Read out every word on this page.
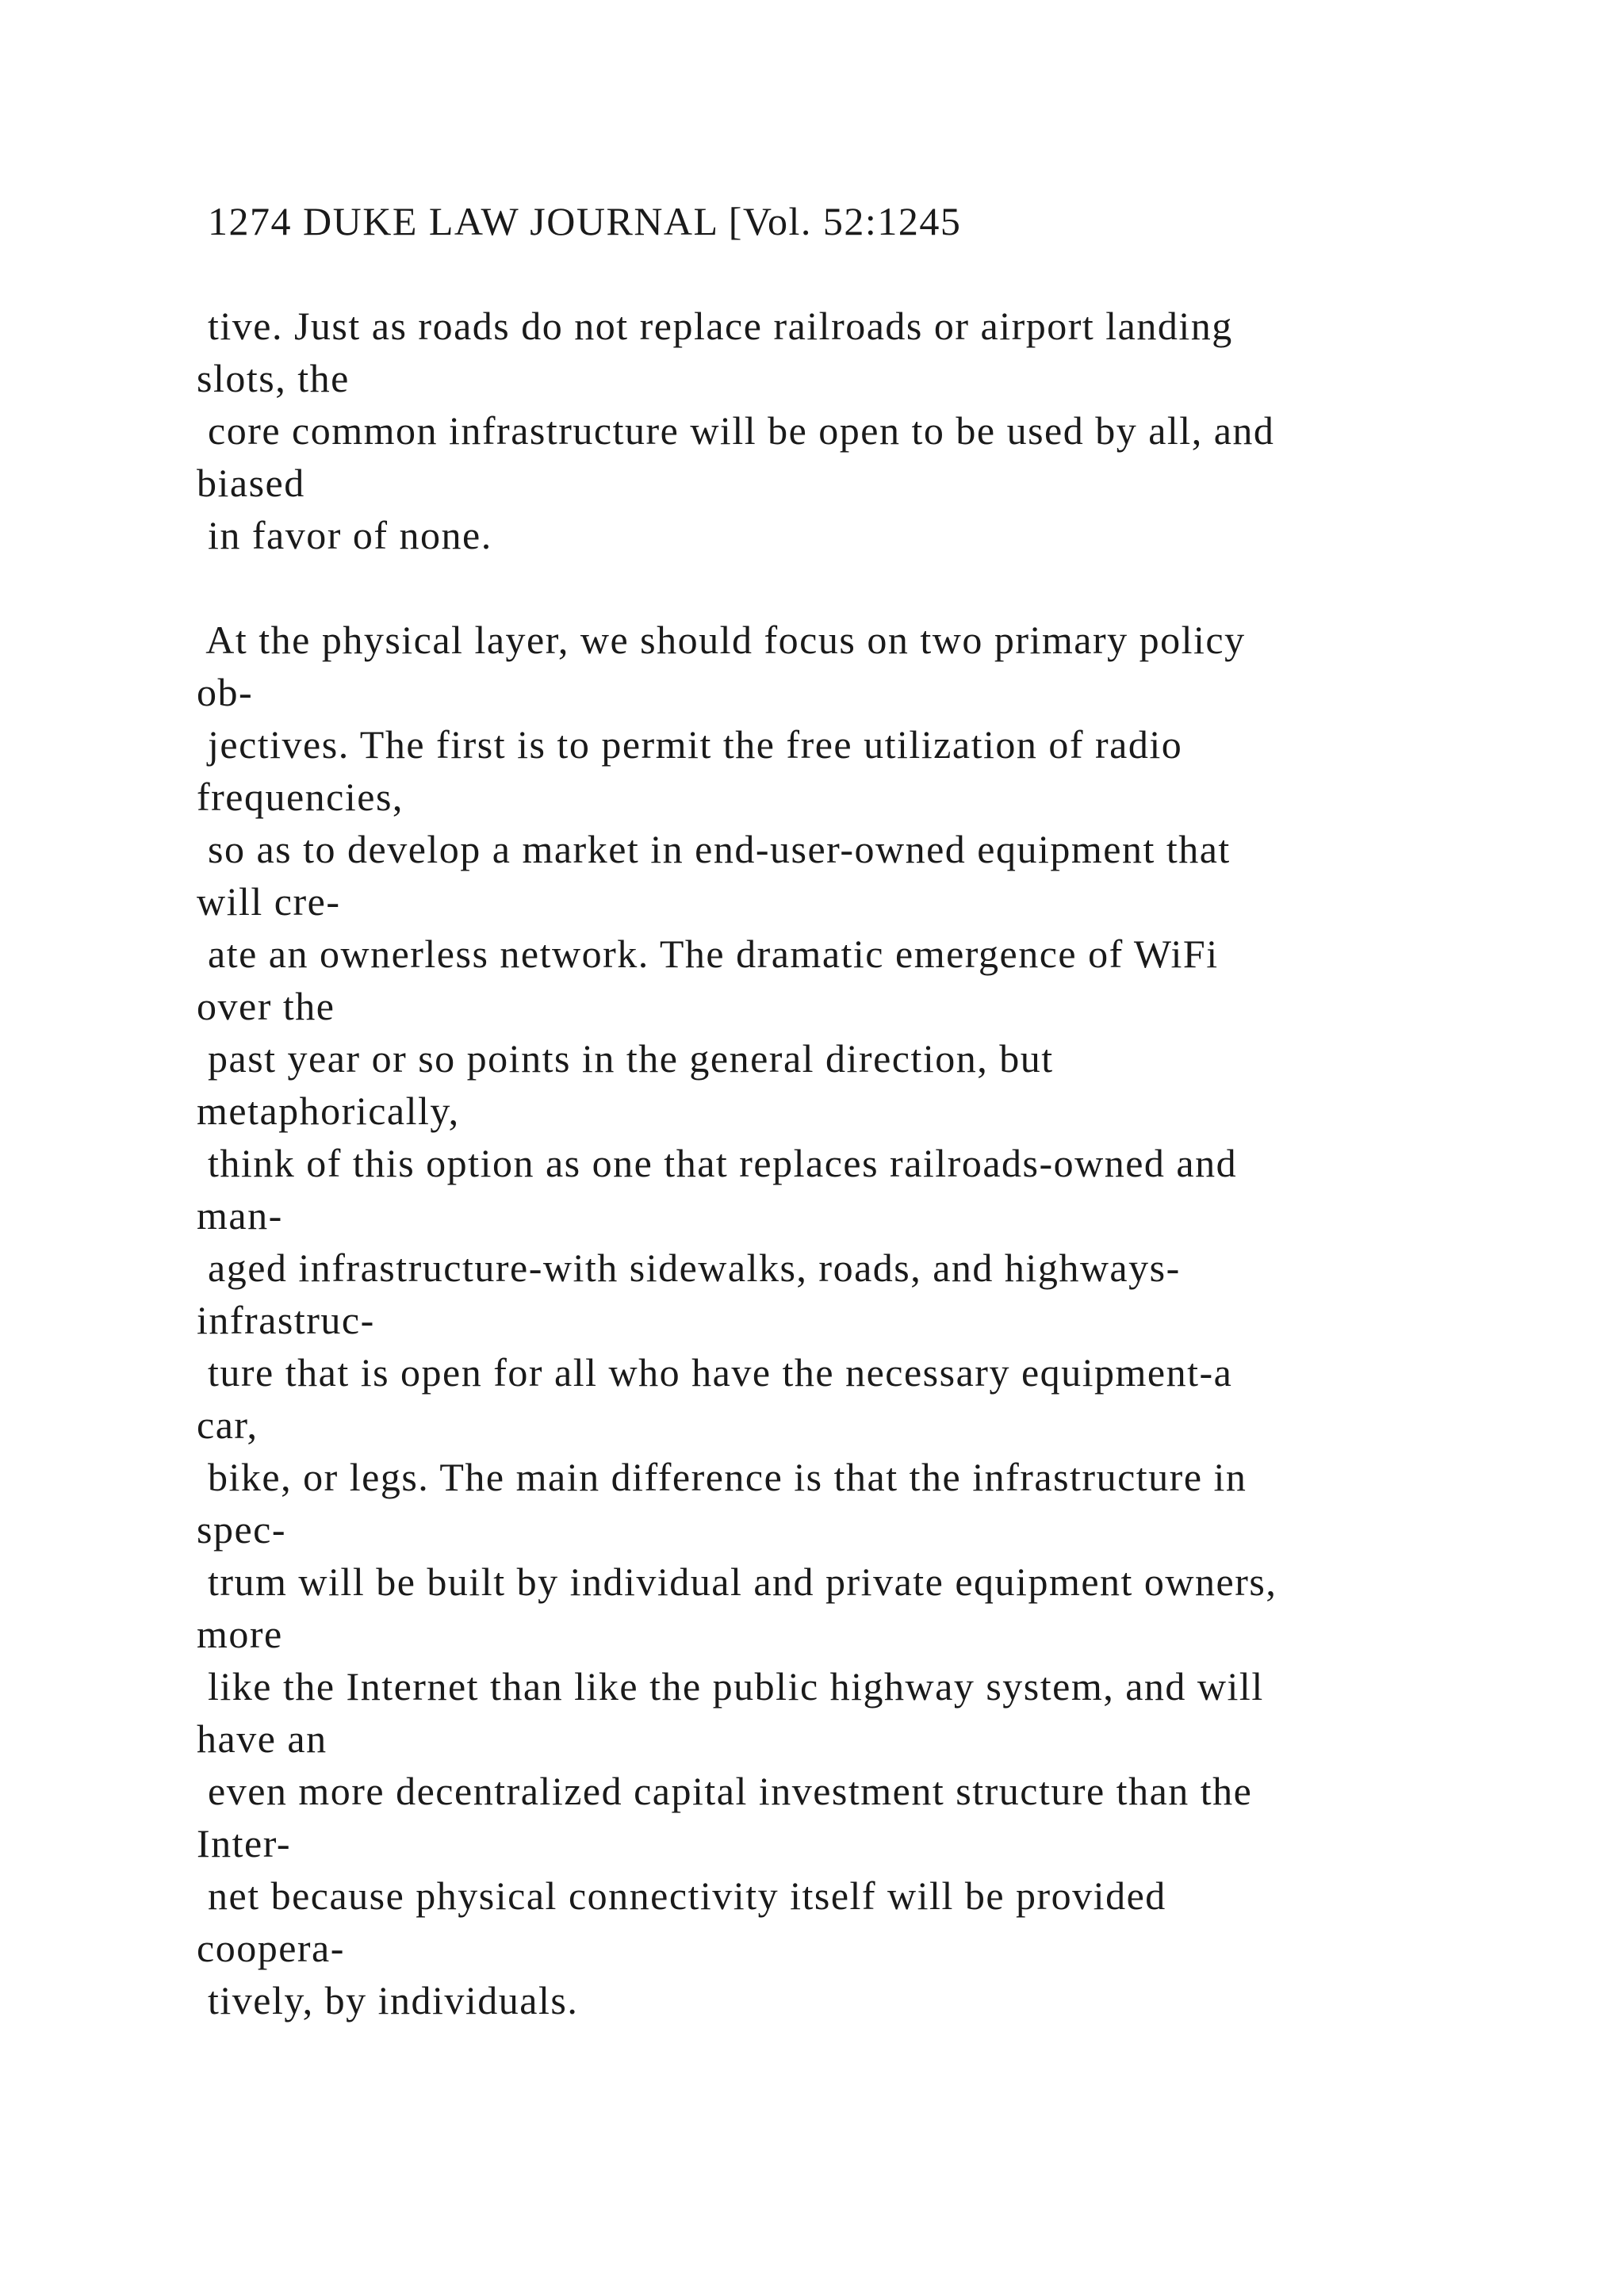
1274 DUKE LAW JOURNAL [Vol. 52:1245
tive. Just as roads do not replace railroads or airport landing
slots, the
core common infrastructure will be open to be used by all, and
biased
in favor of none.
At the physical layer, we should focus on two primary policy
ob-
jectives. The first is to permit the free utilization of radio
frequencies,
so as to develop a market in end-user-owned equipment that
will cre-
ate an ownerless network. The dramatic emergence of WiFi
over the
past year or so points in the general direction, but
metaphorically,
think of this option as one that replaces railroads-owned and
man-
aged infrastructure-with sidewalks, roads, and highways-
infrastruc-
ture that is open for all who have the necessary equipment-a
car,
bike, or legs. The main difference is that the infrastructure in
spec-
trum will be built by individual and private equipment owners,
more
like the Internet than like the public highway system, and will
have an
even more decentralized capital investment structure than the
Inter-
net because physical connectivity itself will be provided
coopera-
tively, by individuals.
